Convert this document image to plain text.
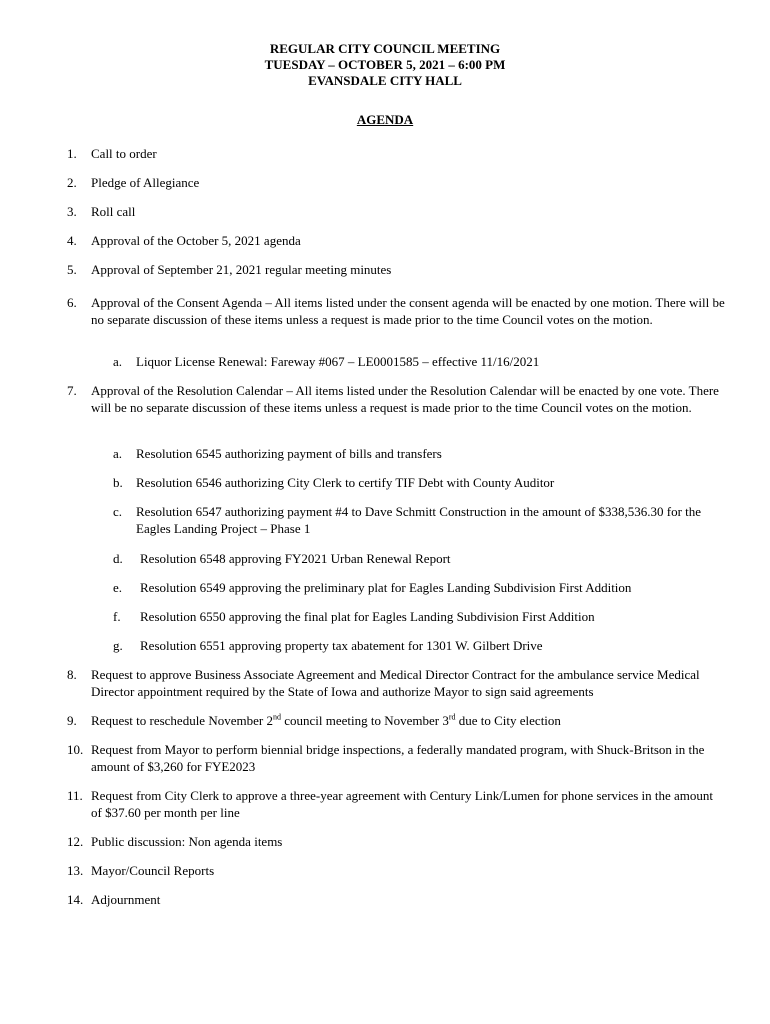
REGULAR CITY COUNCIL MEETING
TUESDAY – OCTOBER 5, 2021 – 6:00 PM
EVANSDALE CITY HALL
AGENDA
1. Call to order
2. Pledge of Allegiance
3. Roll call
4. Approval of the October 5, 2021 agenda
5. Approval of September 21, 2021 regular meeting minutes
6. Approval of the Consent Agenda – All items listed under the consent agenda will be enacted by one motion. There will be no separate discussion of these items unless a request is made prior to the time Council votes on the motion.
a. Liquor License Renewal: Fareway #067 – LE0001585 – effective 11/16/2021
7. Approval of the Resolution Calendar – All items listed under the Resolution Calendar will be enacted by one vote. There will be no separate discussion of these items unless a request is made prior to the time Council votes on the motion.
a. Resolution 6545 authorizing payment of bills and transfers
b. Resolution 6546 authorizing City Clerk to certify TIF Debt with County Auditor
c. Resolution 6547 authorizing payment #4 to Dave Schmitt Construction in the amount of $338,536.30 for the Eagles Landing Project – Phase 1
d. Resolution 6548 approving FY2021 Urban Renewal Report
e. Resolution 6549 approving the preliminary plat for Eagles Landing Subdivision First Addition
f. Resolution 6550 approving the final plat for Eagles Landing Subdivision First Addition
g. Resolution 6551 approving property tax abatement for 1301 W. Gilbert Drive
8. Request to approve Business Associate Agreement and Medical Director Contract for the ambulance service Medical Director appointment required by the State of Iowa and authorize Mayor to sign said agreements
9. Request to reschedule November 2nd council meeting to November 3rd due to City election
10. Request from Mayor to perform biennial bridge inspections, a federally mandated program, with Shuck-Britson in the amount of $3,260 for FYE2023
11. Request from City Clerk to approve a three-year agreement with Century Link/Lumen for phone services in the amount of $37.60 per month per line
12. Public discussion: Non agenda items
13. Mayor/Council Reports
14. Adjournment
